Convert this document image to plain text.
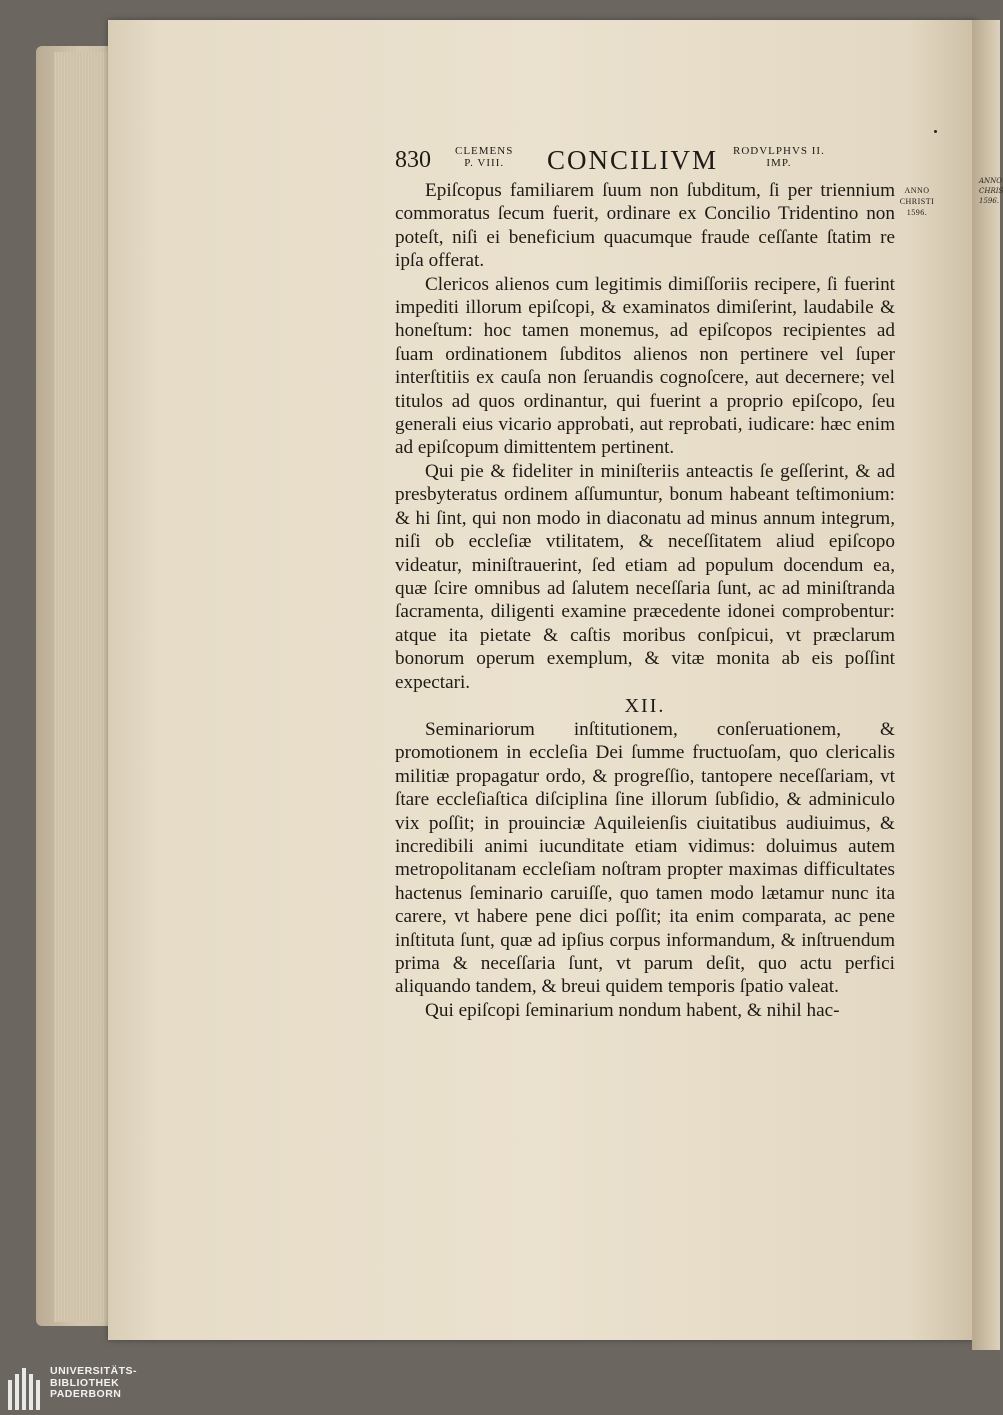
ANNO
CHRIS
1596.
830 CLEMENS
P. VIII.	CONCILIVM RODVLPHVS II.
IMP.

Epiſcopus familiarem ſuum non ſubditum, ſi per triennium commoratus ſecum fuerit, ordinare ex Concilio Tridentino non poteſt, niſi ei beneficium quacumque fraude ceſſante ſtatim re ipſa offerat.

Clericos alienos cum legitimis dimiſſoriis recipere, ſi fuerint impediti illorum epiſcopi, & examinatos dimiſerint, laudabile & honeſtum: hoc tamen monemus, ad epiſcopos recipientes ad ſuam ordinationem ſubditos alienos non pertinere vel ſuper interſtitiis ex cauſa non ſeruandis cognoſcere, aut decernere; vel titulos ad quos ordinantur, qui fuerint a proprio epiſcopo, ſeu generali eius vicario approbati, aut reprobati, iudicare: hæc enim ad epiſcopum dimittentem pertinent.

Qui pie & fideliter in miniſteriis anteactis ſe geſſerint, & ad presbyteratus ordinem aſſumuntur, bonum habeant teſtimonium: & hi ſint, qui non modo in diaconatu ad minus annum integrum, niſi ob eccleſiæ vtilitatem, & neceſſitatem aliud epiſcopo videatur, miniſtrauerint, ſed etiam ad populum docendum ea, quæ ſcire omnibus ad ſalutem neceſſaria ſunt, ac ad miniſtranda ſacramenta, diligenti examine præcedente idonei comprobentur: atque ita pietate & caſtis moribus conſpicui, vt præclarum bonorum operum exemplum, & vitæ monita ab eis poſſint expectari.

XII.

Seminariorum inſtitutionem, conſeruationem, & promotionem in eccleſia Dei ſumme fructuoſam, quo clericalis militiæ propagatur ordo, & progreſſio, tantopere neceſſariam, vt ſtare eccleſiaſtica diſciplina ſine illorum ſubſidio, & adminiculo vix poſſit; in prouinciæ Aquileienſis ciuitatibus audiuimus, & incredibili animi iucunditate etiam vidimus: doluimus autem metropolitanam eccleſiam noſtram propter maximas difficultates hactenus ſeminario caruiſſe, quo tamen modo lætamur nunc ita carere, vt habere pene dici poſſit; ita enim comparata, ac pene inſtituta ſunt, quæ ad ipſius corpus informandum, & inſtruendum prima & neceſſaria ſunt, vt parum deſit, quo actu perfici aliquando tandem, & breui quidem temporis ſpatio valeat.

Qui epiſcopi ſeminarium nondum habent, & nihil hac-

ANNO
CHRISTI
1596.
UNIVERSITÄTS-
BIBLIOTHEK
PADERBORN
